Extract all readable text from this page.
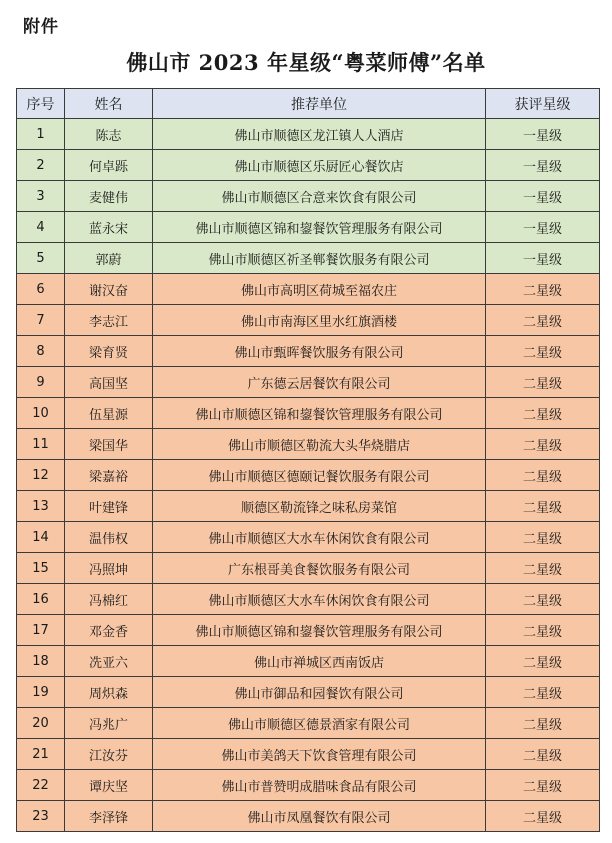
附件
佛山市 2023 年星级“粤菜师傅”名单
序号	姓名	推荐单位	获评星级
1	陈志	佛山市顺德区龙江镇人人酒店	一星级
2	何卓跞	佛山市顺德区乐厨匠心餐饮店	一星级
3	麦健伟	佛山市顺德区合意来饮食有限公司	一星级
4	蓝永宋	佛山市顺德区锦和鋆餐饮管理服务有限公司	一星级
5	郭蔚	佛山市顺德区祈圣郸餐饮服务有限公司	一星级
6	谢汉奋	佛山市高明区荷城至福农庄	二星级
7	李志江	佛山市南海区里水红旗酒楼	二星级
8	梁育贤	佛山市甄晖餐饮服务有限公司	二星级
9	高国坚	广东德云居餐饮有限公司	二星级
10	伍星源	佛山市顺德区锦和鋆餐饮管理服务有限公司	二星级
11	梁国华	佛山市顺德区勒流大头华烧腊店	二星级
12	梁嘉裕	佛山市顺德区德颐记餐饮服务有限公司	二星级
13	叶建锋	顺德区勒流锋之味私房菜馆	二星级
14	温伟权	佛山市顺德区大水车休闲饮食有限公司	二星级
15	冯照坤	广东根哥美食餐饮服务有限公司	二星级
16	冯棉红	佛山市顺德区大水车休闲饮食有限公司	二星级
17	邓金香	佛山市顺德区锦和鋆餐饮管理服务有限公司	二星级
18	冼亚六	佛山市禅城区西南饭店	二星级
19	周炽森	佛山市御品和园餐饮有限公司	二星级
20	冯兆广	佛山市顺德区德景酒家有限公司	二星级
21	江汝芬	佛山市美鸽天下饮食管理有限公司	二星级
22	谭庆坚	佛山市普赞明成腊味食品有限公司	二星级
23	李泽锋	佛山市凤凰餐饮有限公司	二星级
